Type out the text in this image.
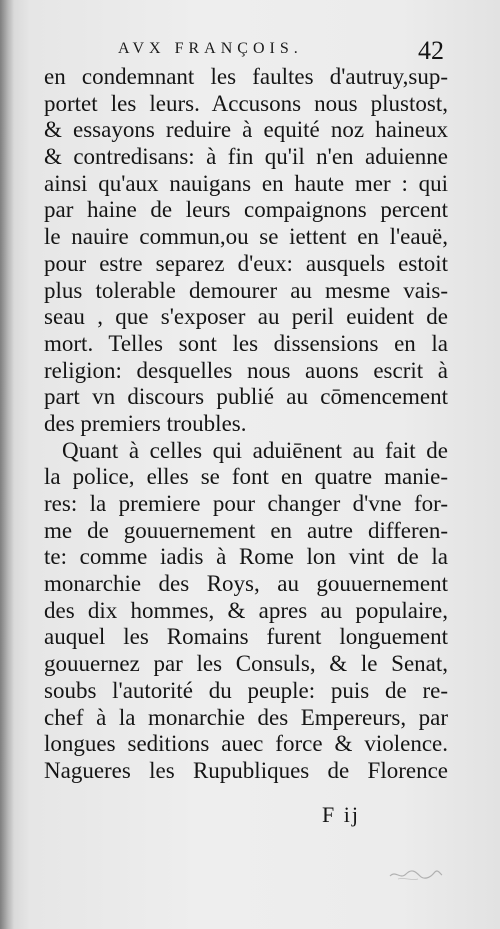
AVX FRANÇOIS.	42
en condemnant les faultes d'autruy,sup-
portet les leurs. Accusons nous plustost,
& essayons reduire à equité noz haineux
& contredisans: à fin qu'il n'en aduienne
ainsi qu'aux nauigans en haute mer : qui
par haine de leurs compaignons percent
le nauire commun,ou se iettent en l'eauë,
pour estre separez d'eux: ausquels estoit
plus tolerable demourer au mesme vais-
seau , que s'exposer au peril euident de
mort. Telles sont les dissensions en la
religion: desquelles nous auons escrit à
part vn discours publié au cōmencement
des premiers troubles.
Quant à celles qui aduiēnent au fait de
la police, elles se font en quatre manie-
res: la premiere pour changer d'vne for-
me de gouuernement en autre differen-
te: comme iadis à Rome lon vint de la
monarchie des Roys, au gouuernement
des dix hommes, & apres au populaire,
auquel les Romains furent longuement
gouuernez par les Consuls, & le Senat,
soubs l'autorité du peuple: puis de re-
chef à la monarchie des Empereurs, par
longues seditions auec force & violence.
Nagueres les Rupubliques de Florence
F ij
